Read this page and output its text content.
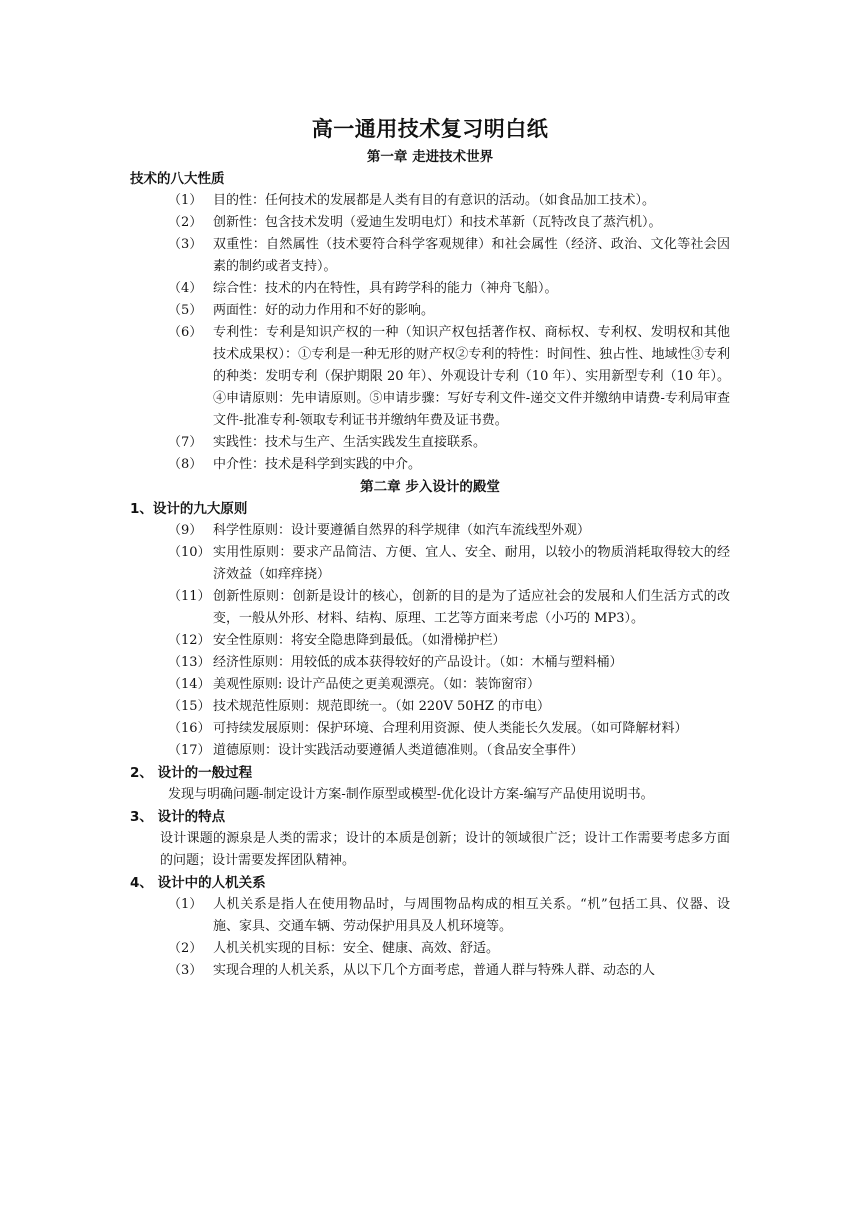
高一通用技术复习明白纸
第一章 走进技术世界
技术的八大性质
（1） 目的性：任何技术的发展都是人类有目的有意识的活动。（如食品加工技术）。
（2） 创新性：包含技术发明（爱迪生发明电灯）和技术革新（瓦特改良了蒸汽机）。
（3） 双重性：自然属性（技术要符合科学客观规律）和社会属性（经济、政治、文化等社会因素的制约或者支持）。
（4） 综合性：技术的内在特性，具有跨学科的能力（神舟飞船）。
（5） 两面性：好的动力作用和不好的影响。
（6） 专利性：专利是知识产权的一种（知识产权包括著作权、商标权、专利权、发明权和其他技术成果权）：①专利是一种无形的财产权②专利的特性：时间性、独占性、地域性③专利的种类：发明专利（保护期限 20 年）、外观设计专利（10 年）、实用新型专利（10 年）。④申请原则：先申请原则。⑤申请步骤：写好专利文件-递交文件并缴纳申请费-专利局审查文件-批准专利-领取专利证书并缴纳年费及证书费。
（7） 实践性：技术与生产、生活实践发生直接联系。
（8） 中介性：技术是科学到实践的中介。
第二章 步入设计的殿堂
1、设计的九大原则
（9） 科学性原则：设计要遵循自然界的科学规律（如汽车流线型外观）
（10） 实用性原则：要求产品简洁、方便、宜人、安全、耐用，以较小的物质消耗取得较大的经济效益（如痒痒挠）
（11） 创新性原则：创新是设计的核心，创新的目的是为了适应社会的发展和人们生活方式的改变，一般从外形、材料、结构、原理、工艺等方面来考虑（小巧的 MP3）。
（12） 安全性原则：将安全隐患降到最低。（如滑梯护栏）
（13） 经济性原则：用较低的成本获得较好的产品设计。（如：木桶与塑料桶）
（14） 美观性原则: 设计产品使之更美观漂亮。（如：装饰窗帘）
（15） 技术规范性原则：规范即统一。（如 220V 50HZ 的市电）
（16） 可持续发展原则：保护环境、合理利用资源、使人类能长久发展。（如可降解材料）
（17） 道德原则：设计实践活动要遵循人类道德准则。（食品安全事件）
2、 设计的一般过程
发现与明确问题-制定设计方案-制作原型或模型-优化设计方案-编写产品使用说明书。
3、 设计的特点
设计课题的源泉是人类的需求；设计的本质是创新；设计的领域很广泛；设计工作需要考虑多方面的问题；设计需要发挥团队精神。
4、 设计中的人机关系
（1） 人机关系是指人在使用物品时，与周围物品构成的相互关系。“机”包括工具、仪器、设施、家具、交通车辆、劳动保护用具及人机环境等。
（2） 人机关机实现的目标：安全、健康、高效、舒适。
（3） 实现合理的人机关系，从以下几个方面考虑，普通人群与特殊人群、动态的人
